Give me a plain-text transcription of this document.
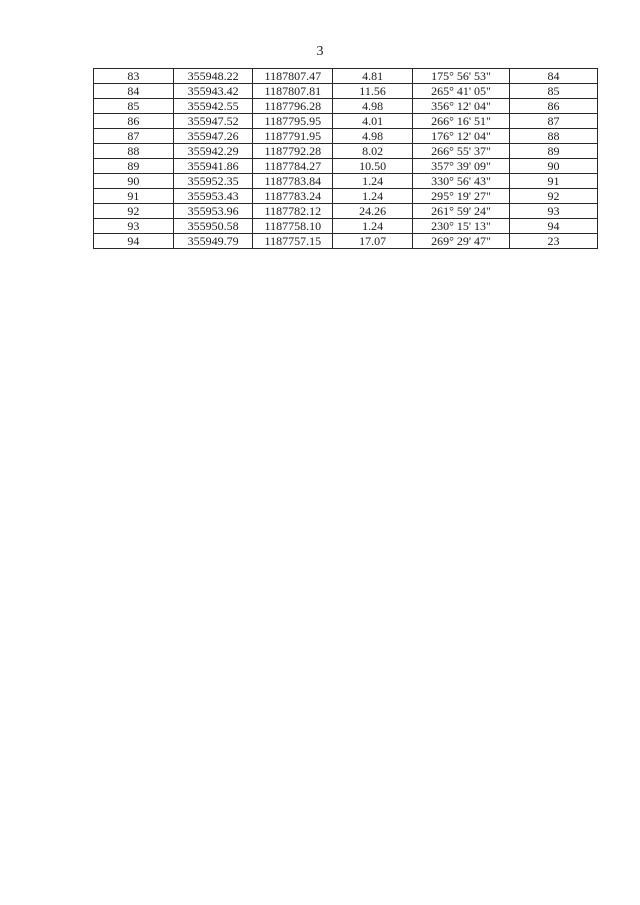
3
83	355948.22	1187807.47	4.81	175° 56' 53"	84
84	355943.42	1187807.81	11.56	265° 41' 05"	85
85	355942.55	1187796.28	4.98	356° 12' 04"	86
86	355947.52	1187795.95	4.01	266° 16' 51"	87
87	355947.26	1187791.95	4.98	176° 12' 04"	88
88	355942.29	1187792.28	8.02	266° 55' 37"	89
89	355941.86	1187784.27	10.50	357° 39' 09"	90
90	355952.35	1187783.84	1.24	330° 56' 43"	91
91	355953.43	1187783.24	1.24	295° 19' 27"	92
92	355953.96	1187782.12	24.26	261° 59' 24"	93
93	355950.58	1187758.10	1.24	230° 15' 13"	94
94	355949.79	1187757.15	17.07	269° 29' 47"	23
